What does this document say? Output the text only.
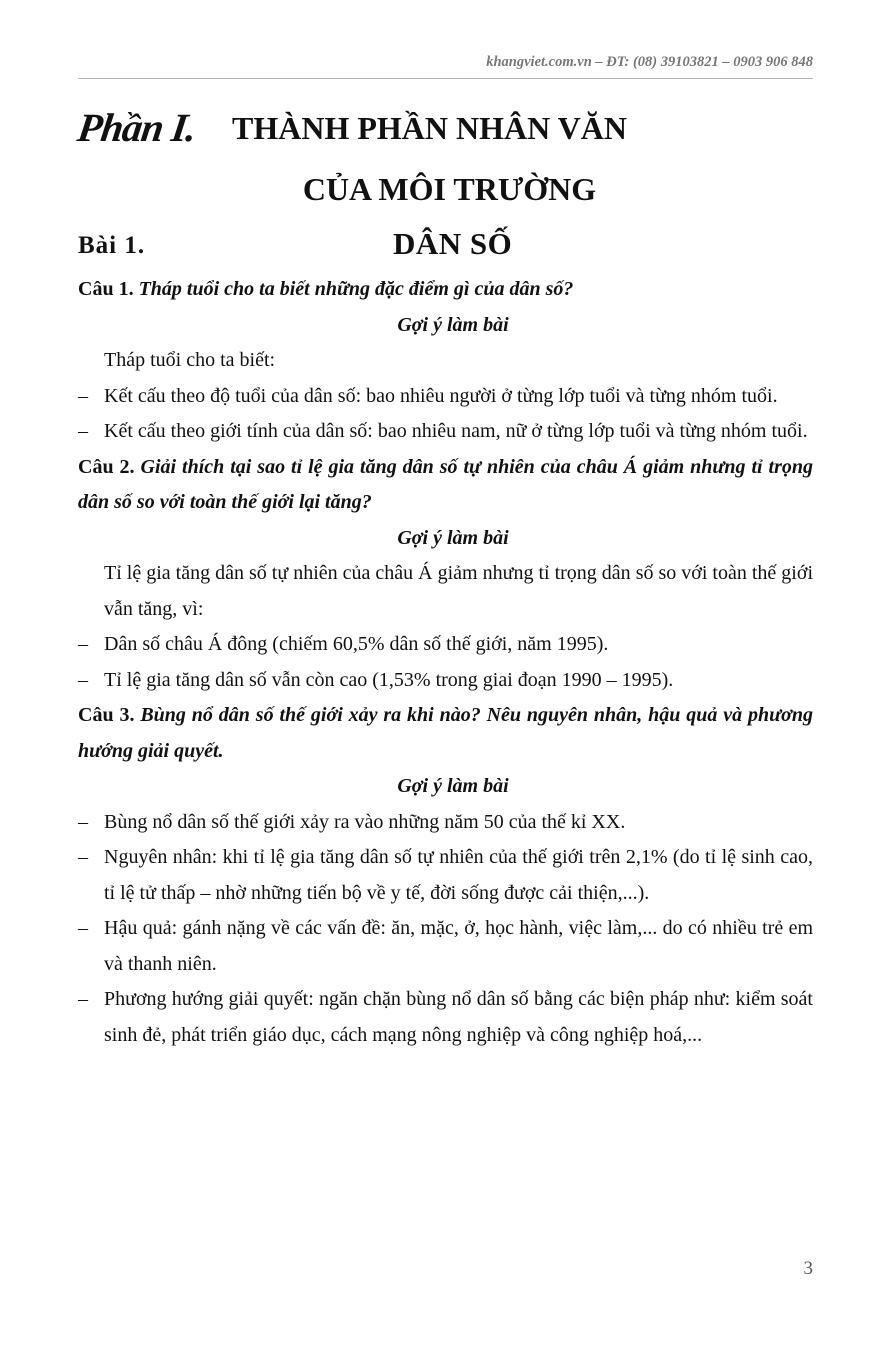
khangviet.com.vn – ĐT: (08) 39103821 – 0903 906 848
Phần I. THÀNH PHẦN NHÂN VĂN
CỦA MÔI TRƯỜNG
Bài 1.	DÂN SỐ
Câu 1. Tháp tuổi cho ta biết những đặc điểm gì của dân số?
Gợi ý làm bài
Tháp tuổi cho ta biết:
– Kết cấu theo độ tuổi của dân số: bao nhiêu người ở từng lớp tuổi và từng nhóm tuổi.
– Kết cấu theo giới tính của dân số: bao nhiêu nam, nữ ở từng lớp tuổi và từng nhóm tuổi.
Câu 2. Giải thích tại sao tỉ lệ gia tăng dân số tự nhiên của châu Á giảm nhưng tỉ trọng dân số so với toàn thế giới lại tăng?
Gợi ý làm bài
Tỉ lệ gia tăng dân số tự nhiên của châu Á giảm nhưng tỉ trọng dân số so với toàn thế giới vẫn tăng, vì:
– Dân số châu Á đông (chiếm 60,5% dân số thế giới, năm 1995).
– Tỉ lệ gia tăng dân số vẫn còn cao (1,53% trong giai đoạn 1990 – 1995).
Câu 3. Bùng nổ dân số thế giới xảy ra khi nào? Nêu nguyên nhân, hậu quả và phương hướng giải quyết.
Gợi ý làm bài
– Bùng nổ dân số thế giới xảy ra vào những năm 50 của thế kỉ XX.
– Nguyên nhân: khi tỉ lệ gia tăng dân số tự nhiên của thế giới trên 2,1% (do tỉ lệ sinh cao, tỉ lệ tử thấp – nhờ những tiến bộ về y tế, đời sống được cải thiện,...).
– Hậu quả: gánh nặng về các vấn đề: ăn, mặc, ở, học hành, việc làm,... do có nhiều trẻ em và thanh niên.
– Phương hướng giải quyết: ngăn chặn bùng nổ dân số bằng các biện pháp như: kiểm soát sinh đẻ, phát triển giáo dục, cách mạng nông nghiệp và công nghiệp hoá,...
3
